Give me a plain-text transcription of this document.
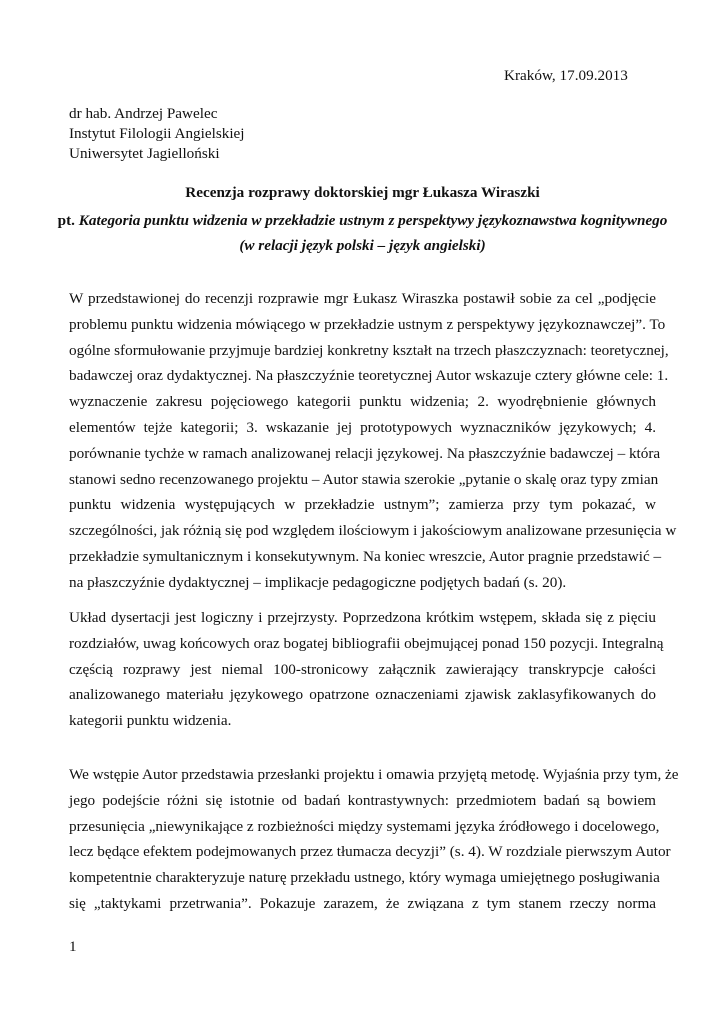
Kraków, 17.09.2013
dr hab. Andrzej Pawelec
Instytut Filologii Angielskiej
Uniwersytet Jagielloński
Recenzja rozprawy doktorskiej mgr Łukasza Wiraszki
pt. Kategoria punktu widzenia w przekładzie ustnym z perspektywy językoznawstwa kognitywnego
(w relacji język polski – język angielski)
W przedstawionej do recenzji rozprawie mgr Łukasz Wiraszka postawił sobie za cel „podjęcie
problemu punktu widzenia mówiącego w przekładzie ustnym z perspektywy językoznawczej”. To
ogólne sformułowanie przyjmuje bardziej konkretny kształt na trzech płaszczyznach: teoretycznej,
badawczej oraz dydaktycznej. Na płaszczyźnie teoretycznej Autor wskazuje cztery główne cele: 1.
wyznaczenie zakresu pojęciowego kategorii punktu widzenia; 2. wyodrębnienie głównych
elementów tejże kategorii; 3. wskazanie jej prototypowych wyznaczników językowych; 4.
porównanie tychże w ramach analizowanej relacji językowej. Na płaszczyźnie badawczej – która
stanowi sedno recenzowanego projektu – Autor stawia szerokie „pytanie o skalę oraz typy zmian
punktu widzenia występujących w przekładzie ustnym”; zamierza przy tym pokazać, w
szczególności, jak różnią się pod względem ilościowym i jakościowym analizowane przesunięcia w
przekładzie symultanicznym i konsekutywnym. Na koniec wreszcie, Autor pragnie przedstawić –
na płaszczyźnie dydaktycznej – implikacje pedagogiczne podjętych badań (s. 20).
Układ dysertacji jest logiczny i przejrzysty. Poprzedzona krótkim wstępem, składa się z pięciu
rozdziałów, uwag końcowych oraz bogatej bibliografii obejmującej ponad 150 pozycji. Integralną
częścią rozprawy jest niemal 100-stronicowy załącznik zawierający transkrypcje całości
analizowanego materiału językowego opatrzone oznaczeniami zjawisk zaklasyfikowanych do
kategorii punktu widzenia.
We wstępie Autor przedstawia przesłanki projektu i omawia przyjętą metodę. Wyjaśnia przy tym, że
jego podejście różni się istotnie od badań kontrastywnych: przedmiotem badań są bowiem
przesunięcia „niewynikające z rozbieżności między systemami języka źródłowego i docelowego,
lecz będące efektem podejmowanych przez tłumacza decyzji” (s. 4). W rozdziale pierwszym Autor
kompetentnie charakteryzuje naturę przekładu ustnego, który wymaga umiejętnego posługiwania
się „taktykami przetrwania”. Pokazuje zarazem, że związana z tym stanem rzeczy norma
1
